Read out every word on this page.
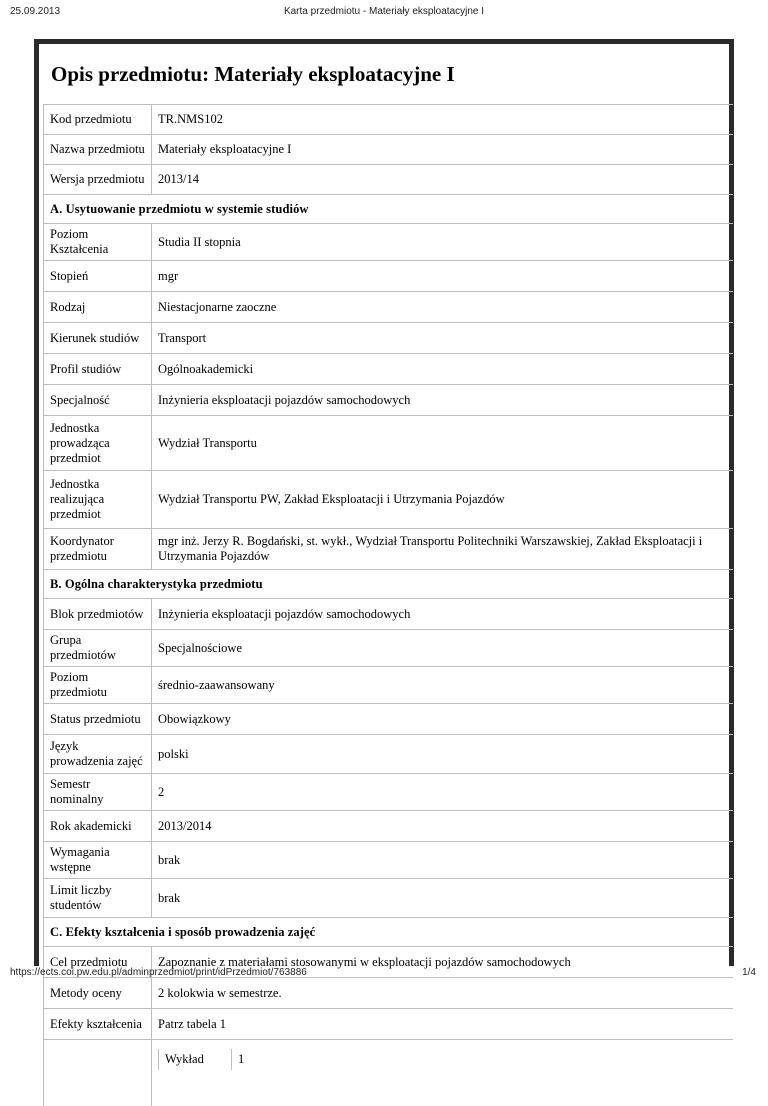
25.09.2013	Karta przedmiotu - Materiały eksploatacyjne I
Opis przedmiotu: Materiały eksploatacyjne I
Kod przedmiotu	TR.NMS102
Nazwa przedmiotu	Materiały eksploatacyjne I
Wersja przedmiotu	2013/14
A. Usytuowanie przedmiotu w systemie studiów
Poziom Kształcenia	Studia II stopnia
Stopień	mgr
Rodzaj	Niestacjonarne zaoczne
Kierunek studiów	Transport
Profil studiów	Ogólnoakademicki
Specjalność	Inżynieria eksploatacji pojazdów samochodowych
Jednostka prowadząca przedmiot	Wydział Transportu
Jednostka realizująca przedmiot	Wydział Transportu PW, Zakład Eksploatacji i Utrzymania Pojazdów
Koordynator przedmiotu	mgr inż. Jerzy R. Bogdański, st. wykł., Wydział Transportu Politechniki Warszawskiej, Zakład Eksploatacji i Utrzymania Pojazdów
B. Ogólna charakterystyka przedmiotu
Blok przedmiotów	Inżynieria eksploatacji pojazdów samochodowych
Grupa przedmiotów	Specjalnościowe
Poziom przedmiotu	średnio-zaawansowany
Status przedmiotu	Obowiązkowy
Język prowadzenia zajęć	polski
Semestr nominalny	2
Rok akademicki	2013/2014
Wymagania wstępne	brak
Limit liczby studentów	brak
C. Efekty kształcenia i sposób prowadzenia zajęć
Cel przedmiotu	Zapoznanie z materiałami stosowanymi w eksploatacji pojazdów samochodowych
Metody oceny	2 kolokwia w semestrze.
Efekty kształcenia	Patrz tabela 1

Wykład	1
https://ects.coi.pw.edu.pl/adminprzedmiot/print/idPrzedmiot/763886	1/4
